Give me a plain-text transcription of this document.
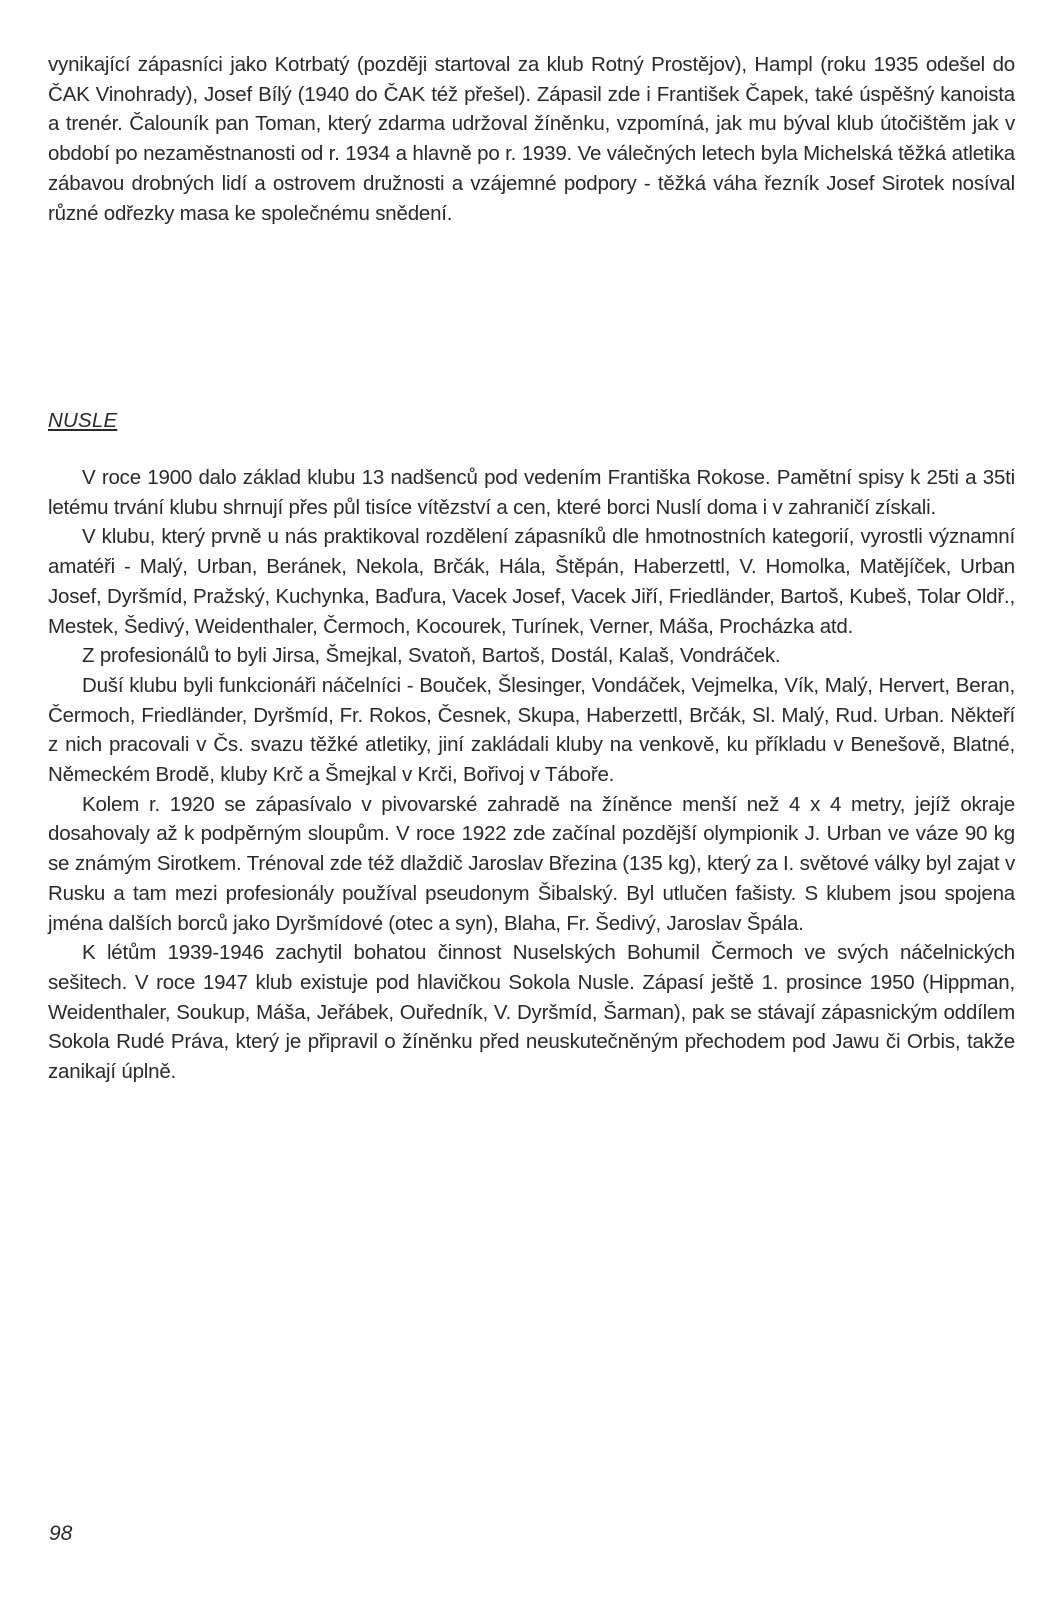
vynikající zápasníci jako Kotrbatý (později startoval za klub Rotný Prostějov), Hampl (roku 1935 odešel do ČAK Vinohrady), Josef Bílý (1940 do ČAK též přešel). Zápasil zde i František Čapek, také úspěšný kanoista a trenér. Čalouník pan Toman, který zdarma udržoval žíněnku, vzpomíná, jak mu býval klub útočištěm jak v období po nezaměstnanosti od r. 1934 a hlavně po r. 1939. Ve válečných letech byla Michelská těžká atletika zábavou drobných lidí a ostrovem družnosti a vzájemné podpory - těžká váha řezník Josef Sirotek nosíval různé odřezky masa ke společnému snědení.

NUSLE

V roce 1900 dalo základ klubu 13 nadšenců pod vedením Františka Rokose. Pamětní spisy k 25ti a 35ti letému trvání klubu shrnují přes půl tisíce vítězství a cen, které borci Nuslí doma i v zahraničí získali.

V klubu, který prvně u nás praktikoval rozdělení zápasníků dle hmotnostních kategorií, vyrostli významní amatéři - Malý, Urban, Beránek, Nekola, Brčák, Hála, Štěpán, Haberzettl, V. Homolka, Matějíček, Urban Josef, Dyršmíd, Pražský, Kuchynka, Baďura, Vacek Josef, Vacek Jiří, Friedländer, Bartoš, Kubeš, Tolar Oldř., Mestek, Šedivý, Weidenthaler, Čermoch, Kocourek, Turínek, Verner, Máša, Procházka atd.

Z profesionálů to byli Jirsa, Šmejkal, Svatoň, Bartoš, Dostál, Kalaš, Vondráček.

Duší klubu byli funkcionáři náčelníci - Bouček, Šlesinger, Vondáček, Vejmelka, Vík, Malý, Hervert, Beran, Čermoch, Friedländer, Dyršmíd, Fr. Rokos, Česnek, Skupa, Haberzettl, Brčák, Sl. Malý, Rud. Urban. Někteří z nich pracovali v Čs. svazu těžké atletiky, jiní zakládali kluby na venkově, ku příkladu v Benešově, Blatné, Německém Brodě, kluby Krč a Šmejkal v Krči, Bořivoj v Táboře.

Kolem r. 1920 se zápasívalo v pivovarské zahradě na žíněnce menší než 4 x 4 metry, jejíž okraje dosahovaly až k podpěrným sloupům. V roce 1922 zde začínal pozdější olympionik J. Urban ve váze 90 kg se známým Sirotkem. Trénoval zde též dlaždič Jaroslav Březina (135 kg), který za I. světové války byl zajat v Rusku a tam mezi profesionály používal pseudonym Šibalský. Byl utlučen fašisty. S klubem jsou spojena jména dalších borců jako Dyršmídové (otec a syn), Blaha, Fr. Šedivý, Jaroslav Špála.

K létům 1939-1946 zachytil bohatou činnost Nuselských Bohumil Čermoch ve svých náčelnických sešitech. V roce 1947 klub existuje pod hlavičkou Sokola Nusle. Zápasí ještě 1. prosince 1950 (Hippman, Weidenthaler, Soukup, Máša, Jeřábek, Ouředník, V. Dyršmíd, Šarman), pak se stávají zápasnickým oddílem Sokola Rudé Práva, který je připravil o žíněnku před neuskutečněným přechodem pod Jawu či Orbis, takže zanikají úplně.

98
